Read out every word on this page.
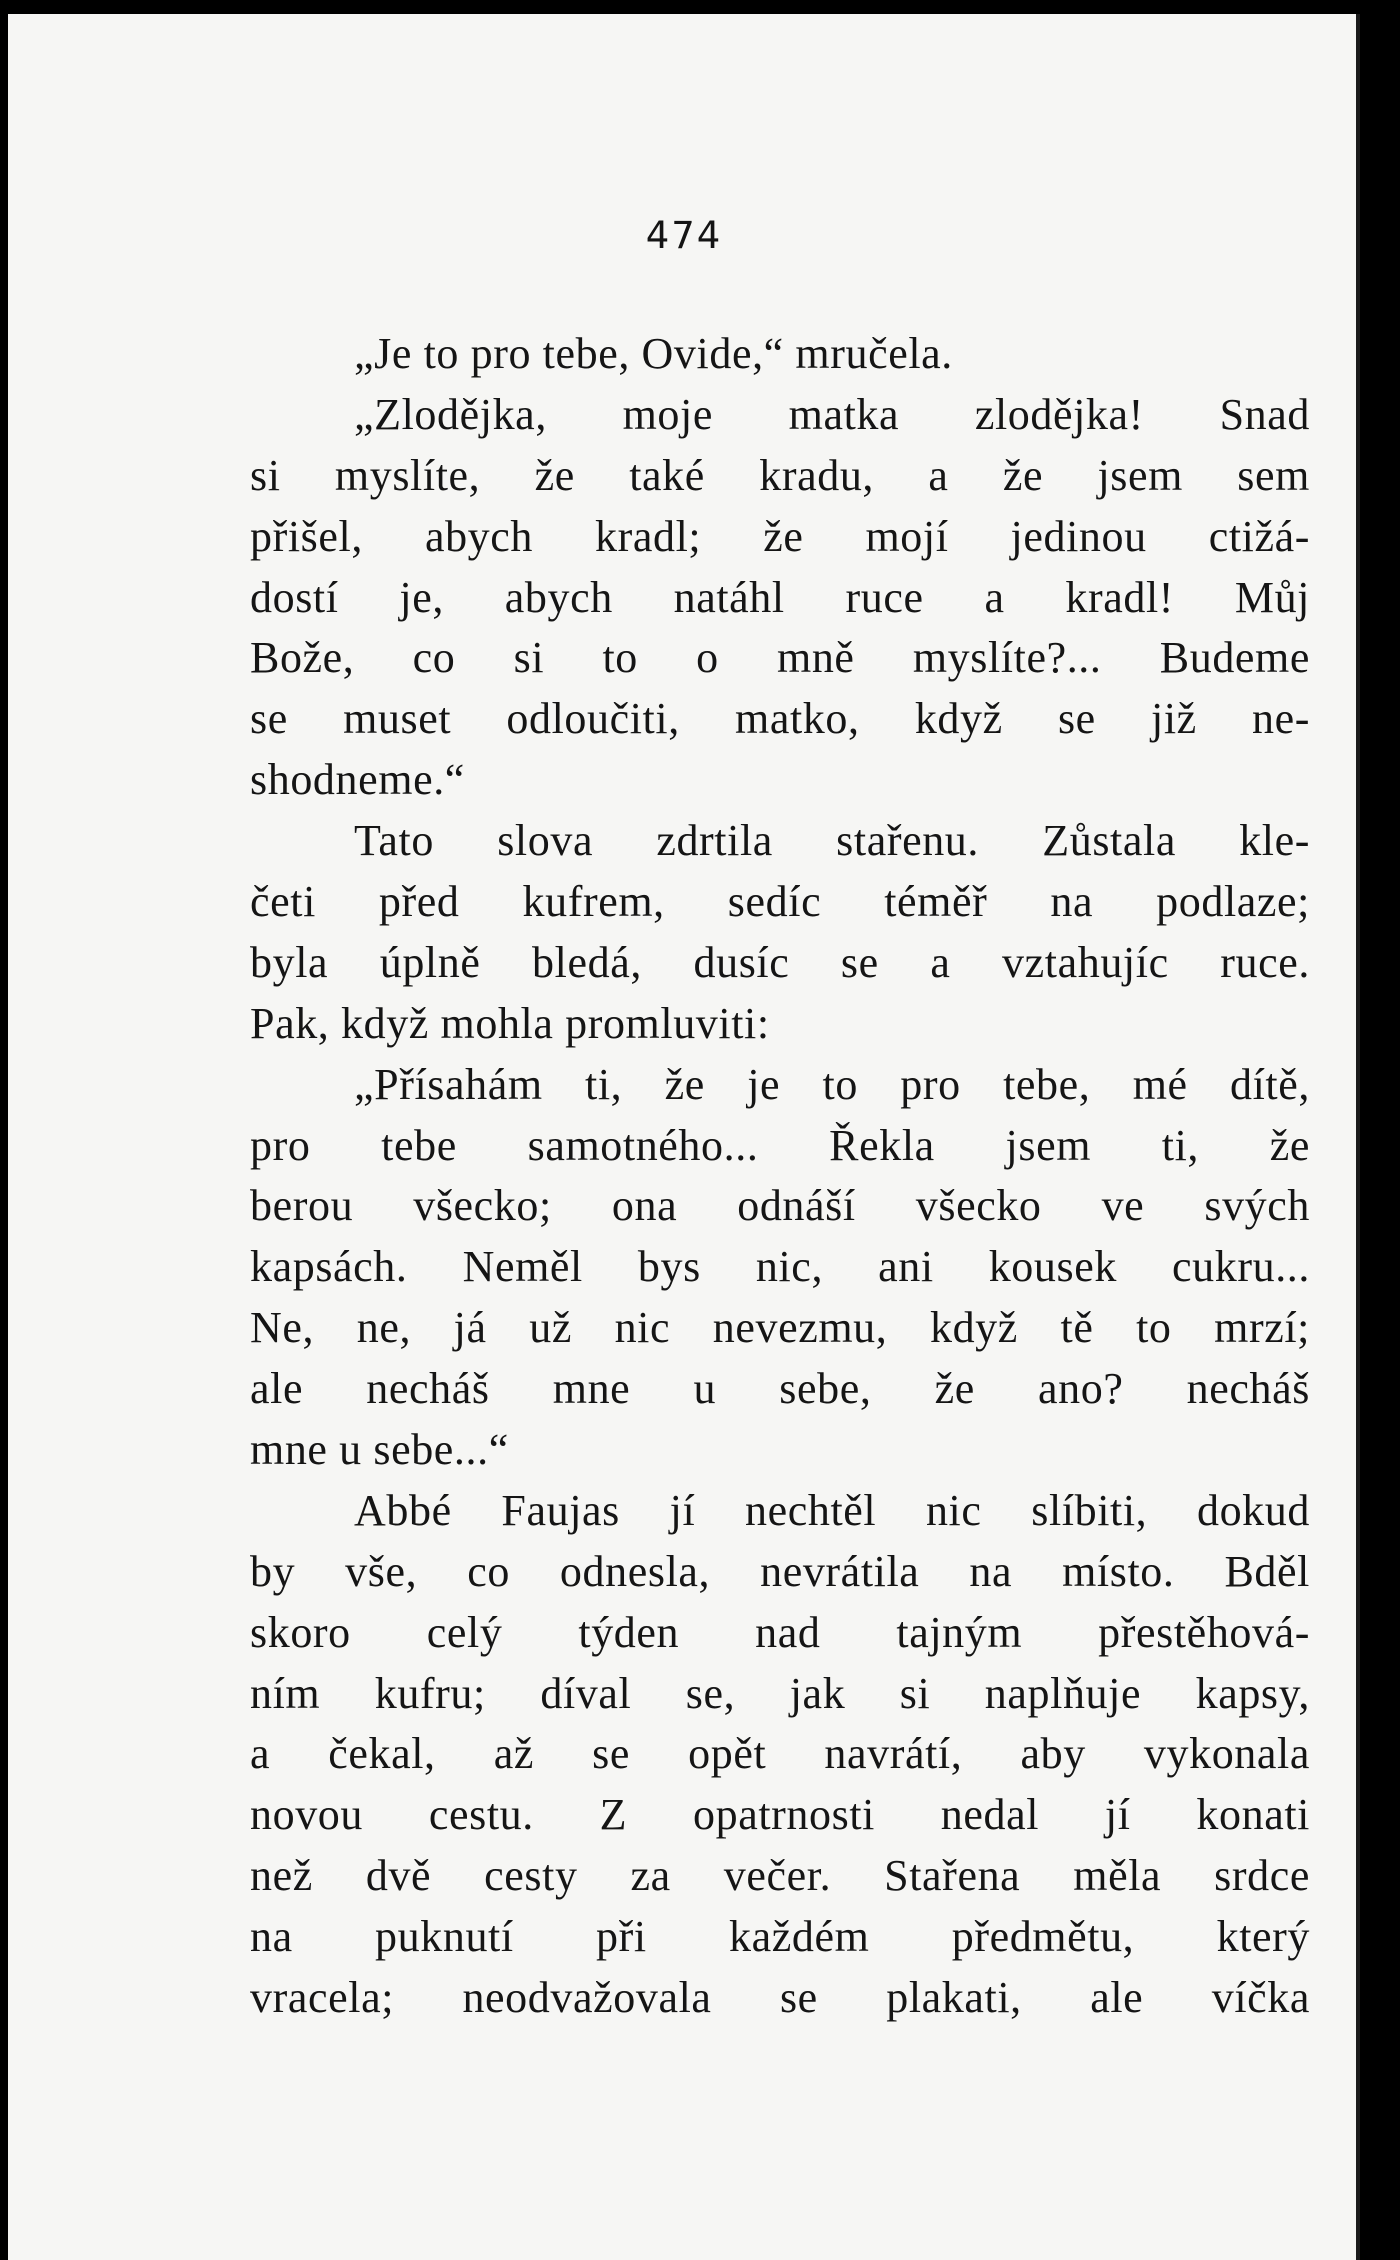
474
„Je to pro tebe, Ovide,“ mručela.
„Zlodějka, moje matka zlodějka! Snad
si myslíte, že také kradu, a že jsem sem
přišel, abych kradl; že mojí jedinou ctižá-
dostí je, abych natáhl ruce a kradl! Můj
Bože, co si to o mně myslíte?... Budeme
se muset odloučiti, matko, když se již ne-
shodneme.“
Tato slova zdrtila stařenu. Zůstala kle-
četi před kufrem, sedíc téměř na podlaze;
byla úplně bledá, dusíc se a vztahujíc ruce.
Pak, když mohla promluviti:
„Přísahám ti, že je to pro tebe, mé dítě,
pro tebe samotného... Řekla jsem ti, že
berou všecko; ona odnáší všecko ve svých
kapsách. Neměl bys nic, ani kousek cukru...
Ne, ne, já už nic nevezmu, když tě to mrzí;
ale necháš mne u sebe, že ano? necháš
mne u sebe...“
Abbé Faujas jí nechtěl nic slíbiti, dokud
by vše, co odnesla, nevrátila na místo. Bděl
skoro celý týden nad tajným přestěhová-
ním kufru; díval se, jak si naplňuje kapsy,
a čekal, až se opět navrátí, aby vykonala
novou cestu. Z opatrnosti nedal jí konati
než dvě cesty za večer. Stařena měla srdce
na puknutí při každém předmětu, který
vracela; neodvažovala se plakati, ale víčka
